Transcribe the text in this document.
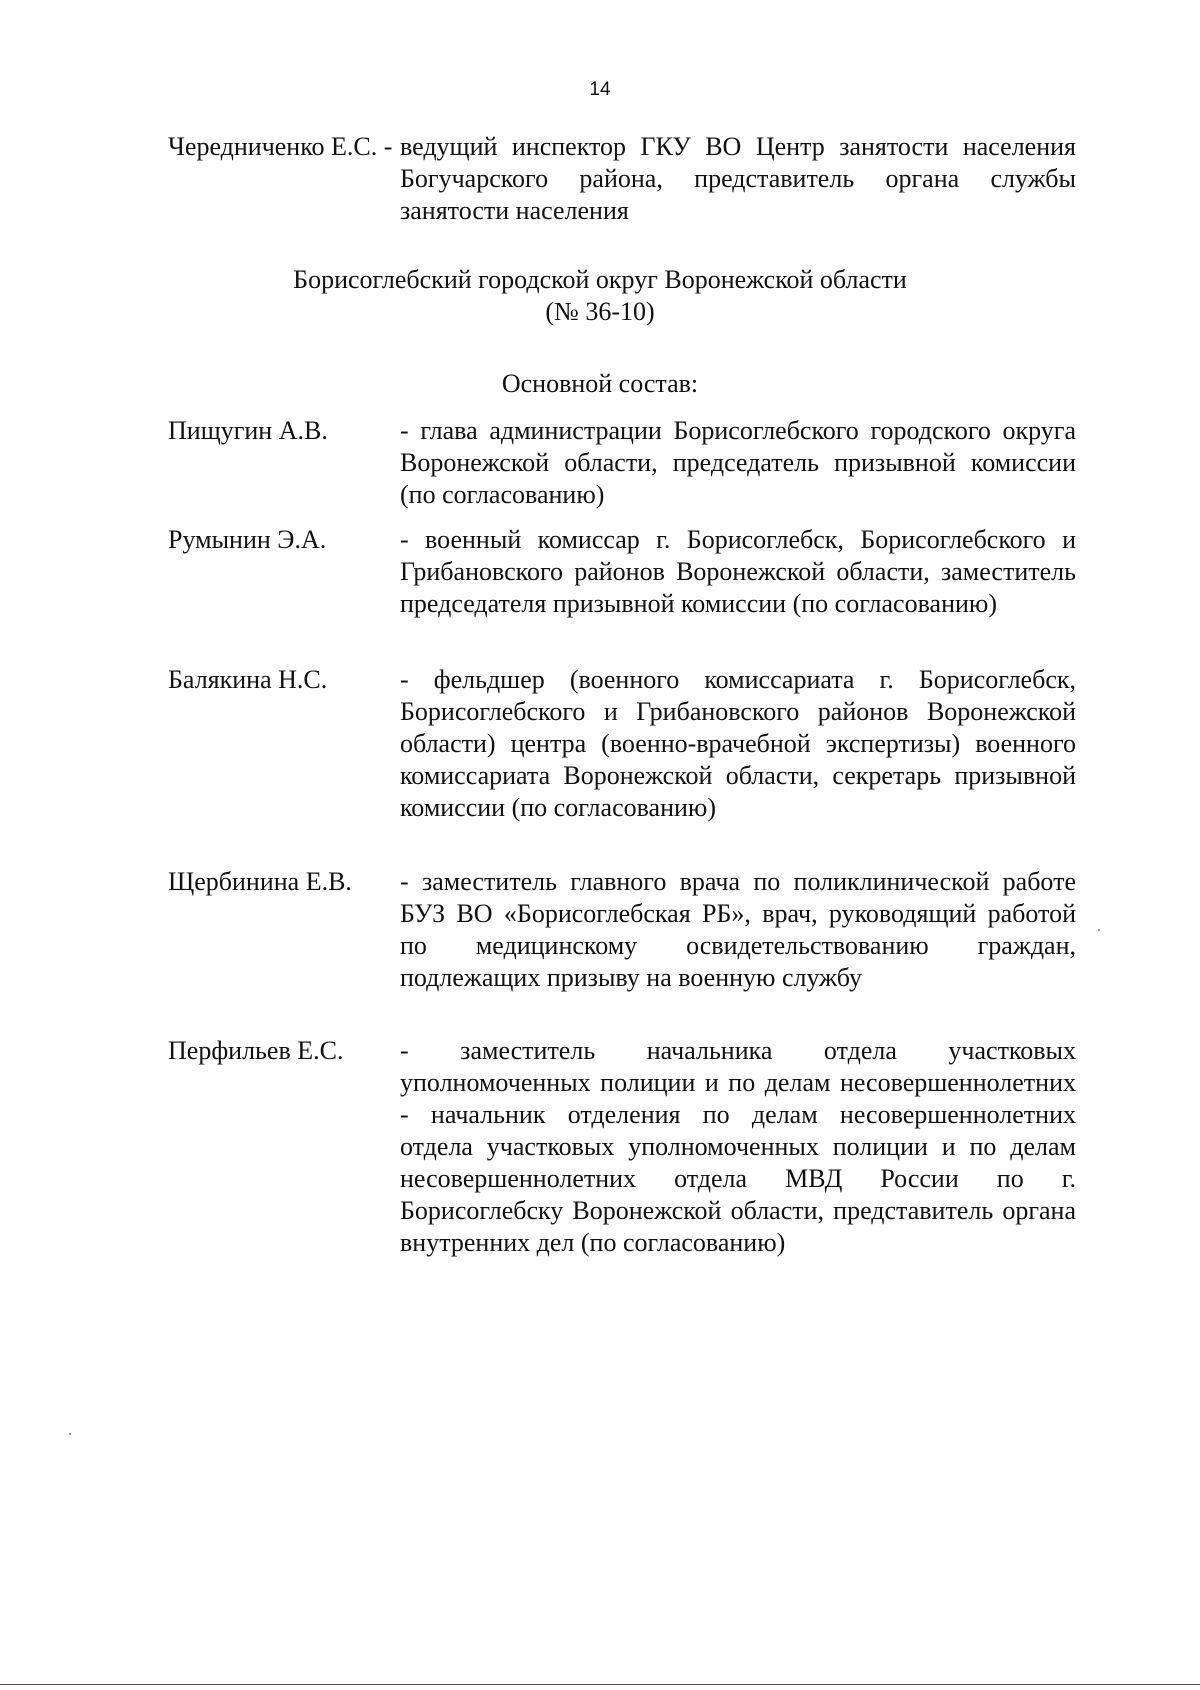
14
Чередниченко Е.С. - ведущий инспектор ГКУ ВО Центр занятости населения Богучарского района, представитель органа службы занятости населения
Борисоглебский городской округ Воронежской области
(№ 36-10)
Основной состав:
Пищугин А.В.	- глава администрации Борисоглебского городского округа Воронежской области, председатель призывной комиссии (по согласованию)
Румынин Э.А.	- военный комиссар г. Борисоглебск, Борисоглебского и Грибановского районов Воронежской области, заместитель председателя призывной комиссии (по согласованию)
Балякина Н.С.	- фельдшер (военного комиссариата г. Борисоглебск, Борисоглебского и Грибановского районов Воронежской области) центра (военно-врачебной экспертизы) военного комиссариата Воронежской области, секретарь призывной комиссии (по согласованию)
Щербинина Е.В. - заместитель главного врача по поликлинической работе БУЗ ВО «Борисоглебская РБ», врач, руководящий работой по медицинскому освидетельствованию граждан, подлежащих призыву на военную службу
Перфильев Е.С. - заместитель начальника отдела участковых уполномоченных полиции и по делам несовершеннолетних - начальник отделения по делам несовершеннолетних отдела участковых уполномоченных полиции и по делам несовершеннолетних отдела МВД России по г. Борисоглебску Воронежской области, представитель органа внутренних дел (по согласованию)
